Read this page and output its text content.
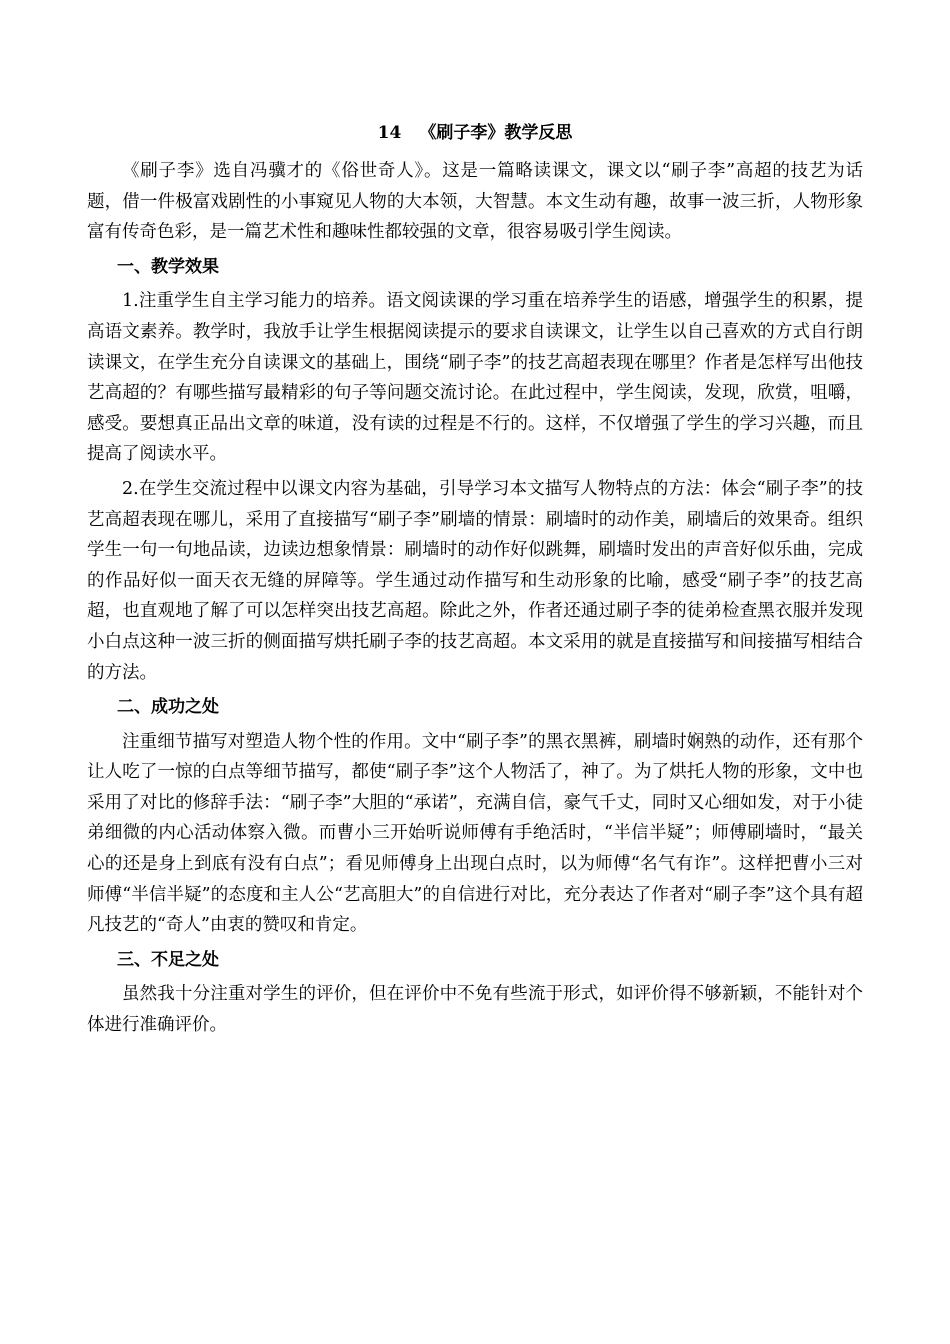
14 《刷子李》教学反思

《刷子李》选自冯骥才的《俗世奇人》。这是一篇略读课文，课文以“刷子李”高超的技艺为话题，借一件极富戏剧性的小事窥见人物的大本领，大智慧。本文生动有趣，故事一波三折，人物形象富有传奇色彩，是一篇艺术性和趣味性都较强的文章，很容易吸引学生阅读。

一、教学效果

1.注重学生自主学习能力的培养。语文阅读课的学习重在培养学生的语感，增强学生的积累，提高语文素养。教学时，我放手让学生根据阅读提示的要求自读课文，让学生以自己喜欢的方式自行朗读课文，在学生充分自读课文的基础上，围绕“刷子李”的技艺高超表现在哪里？作者是怎样写出他技艺高超的？有哪些描写最精彩的句子等问题交流讨论。在此过程中，学生阅读，发现，欣赏，咀嚼，感受。要想真正品出文章的味道，没有读的过程是不行的。这样，不仅增强了学生的学习兴趣，而且提高了阅读水平。

2.在学生交流过程中以课文内容为基础，引导学习本文描写人物特点的方法：体会“刷子李”的技艺高超表现在哪儿，采用了直接描写“刷子李”刷墙的情景：刷墙时的动作美，刷墙后的效果奇。组织学生一句一句地品读，边读边想象情景：刷墙时的动作好似跳舞，刷墙时发出的声音好似乐曲，完成的作品好似一面天衣无缝的屏障等。学生通过动作描写和生动形象的比喻，感受“刷子李”的技艺高超，也直观地了解了可以怎样突出技艺高超。除此之外，作者还通过刷子李的徒弟检查黑衣服并发现小白点这种一波三折的侧面描写烘托刷子李的技艺高超。本文采用的就是直接描写和间接描写相结合的方法。

二、成功之处

注重细节描写对塑造人物个性的作用。文中“刷子李”的黑衣黑裤，刷墙时娴熟的动作，还有那个让人吃了一惊的白点等细节描写，都使“刷子李”这个人物活了，神了。为了烘托人物的形象，文中也采用了对比的修辞手法：“刷子李”大胆的“承诺”，充满自信，豪气千丈，同时又心细如发，对于小徒弟细微的内心活动体察入微。而曹小三开始听说师傅有手绝活时，“半信半疑”；师傅刷墙时，“最关心的还是身上到底有没有白点”；看见师傅身上出现白点时，以为师傅“名气有诈”。这样把曹小三对师傅“半信半疑”的态度和主人公“艺高胆大”的自信进行对比，充分表达了作者对“刷子李”这个具有超凡技艺的“奇人”由衷的赞叹和肯定。

三、不足之处

虽然我十分注重对学生的评价，但在评价中不免有些流于形式，如评价得不够新颖，不能针对个体进行准确评价。
